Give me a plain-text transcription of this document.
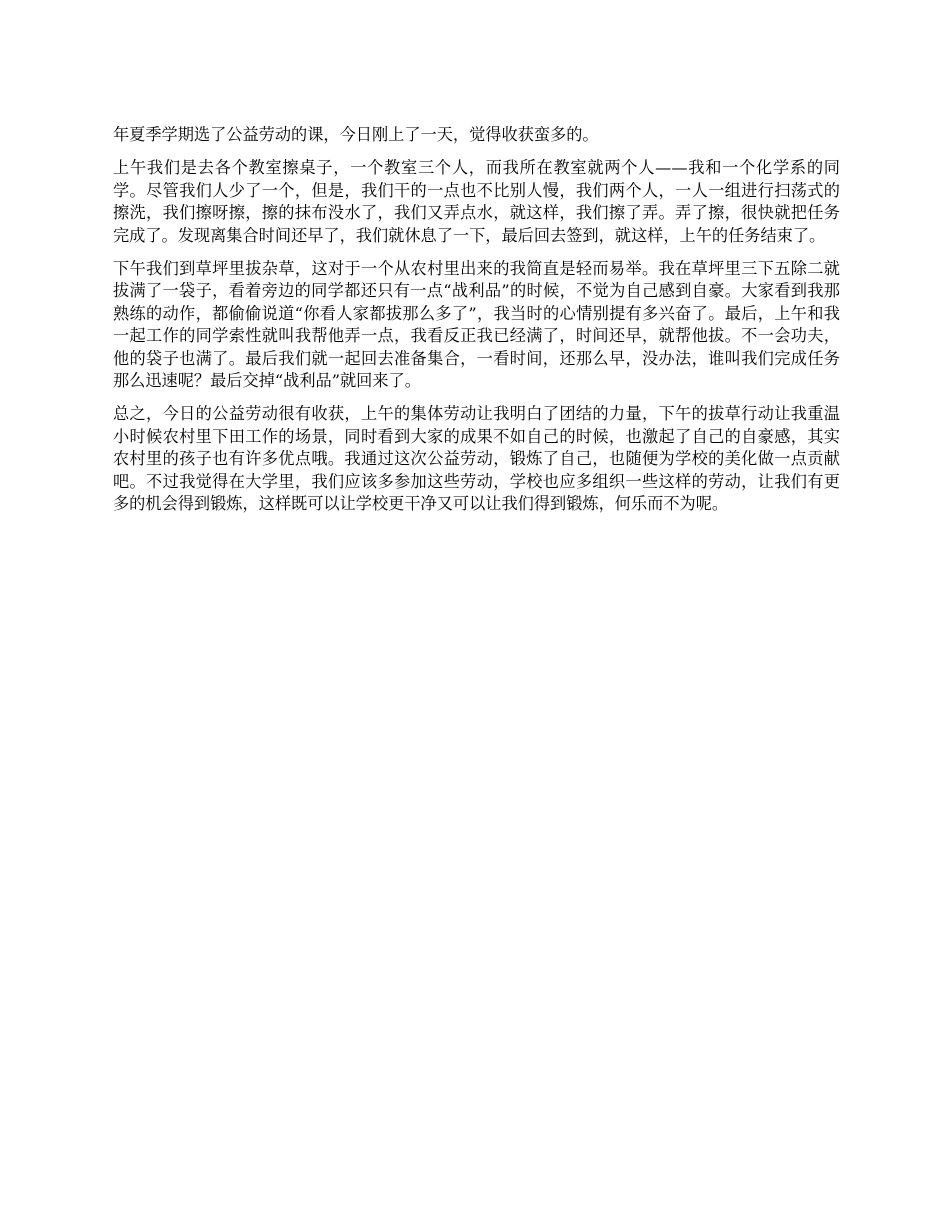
年夏季学期选了公益劳动的课，今日刚上了一天，觉得收获蛮多的。

上午我们是去各个教室擦桌子，一个教室三个人，而我所在教室就两个人——我和一个化学系的同学。尽管我们人少了一个，但是，我们干的一点也不比别人慢，我们两个人，一人一组进行扫荡式的擦洗，我们擦呀擦，擦的抹布没水了，我们又弄点水，就这样，我们擦了弄。弄了擦，很快就把任务完成了。发现离集合时间还早了，我们就休息了一下，最后回去签到，就这样，上午的任务结束了。

下午我们到草坪里拔杂草，这对于一个从农村里出来的我简直是轻而易举。我在草坪里三下五除二就拔满了一袋子，看着旁边的同学都还只有一点“战利品”的时候，不觉为自己感到自豪。大家看到我那熟练的动作，都偷偷说道“你看人家都拔那么多了”，我当时的心情别提有多兴奋了。最后，上午和我一起工作的同学索性就叫我帮他弄一点，我看反正我已经满了，时间还早，就帮他拔。不一会功夫，他的袋子也满了。最后我们就一起回去准备集合，一看时间，还那么早，没办法，谁叫我们完成任务那么迅速呢？最后交掉“战利品”就回来了。

总之，今日的公益劳动很有收获，上午的集体劳动让我明白了团结的力量，下午的拔草行动让我重温小时候农村里下田工作的场景，同时看到大家的成果不如自己的时候，也激起了自己的自豪感，其实农村里的孩子也有许多优点哦。我通过这次公益劳动，锻炼了自己，也随便为学校的美化做一点贡献吧。不过我觉得在大学里，我们应该多参加这些劳动，学校也应多组织一些这样的劳动，让我们有更多的机会得到锻炼，这样既可以让学校更干净又可以让我们得到锻炼，何乐而不为呢。
